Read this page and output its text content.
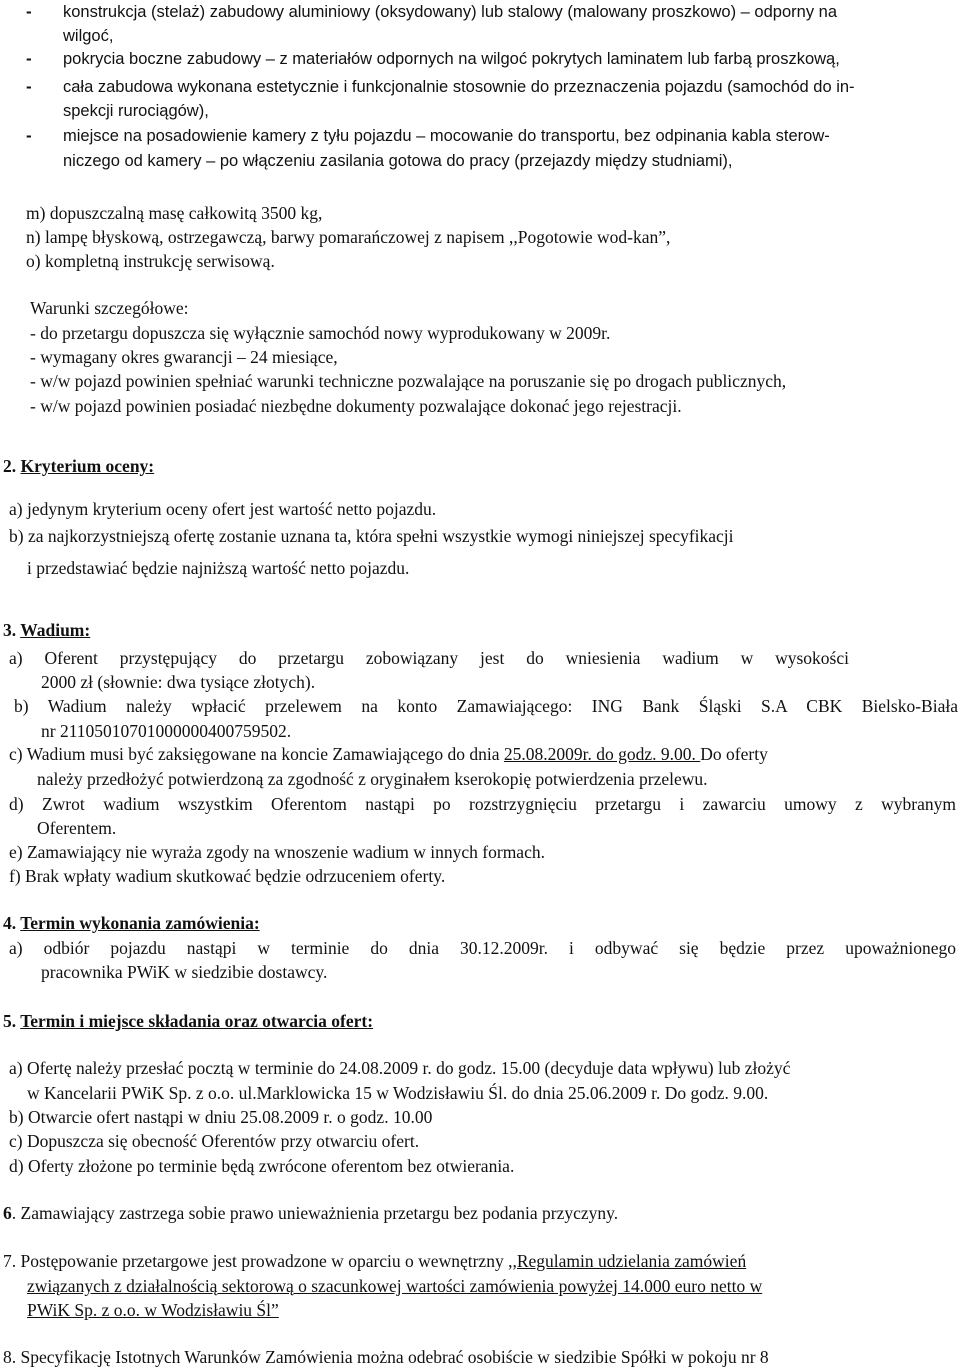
- konstrukcja (stelaż) zabudowy aluminiowy (oksydowany) lub stalowy (malowany proszkowo) – odporny na
wilgoć,
- pokrycia boczne zabudowy – z materiałów odpornych na wilgoć pokrytych laminatem lub farbą proszkową,
- cała zabudowa wykonana estetycznie i funkcjonalnie stosownie do przeznaczenia pojazdu (samochód do in-
spekcji rurociągów),
- miejsce na posadowienie kamery z tyłu pojazdu – mocowanie do transportu, bez odpinania kabla sterow-
niczego od kamery – po włączeniu zasilania gotowa do pracy (przejazdy między studniami),
m) dopuszczalną masę całkowitą 3500 kg,
n) lampę błyskową, ostrzegawczą, barwy pomarańczowej z napisem ,,Pogotowie wod-kan”,
o) kompletną instrukcję serwisową.
Warunki szczegółowe:
- do przetargu dopuszcza się wyłącznie samochód nowy wyprodukowany w 2009r.
- wymagany okres gwarancji – 24 miesiące,
- w/w pojazd powinien spełniać warunki techniczne pozwalające na poruszanie się po drogach publicznych,
- w/w pojazd powinien posiadać niezbędne dokumenty pozwalające dokonać jego rejestracji.
2. Kryterium oceny:
a) jedynym kryterium oceny ofert jest wartość netto pojazdu.
b) za najkorzystniejszą ofertę zostanie uznana ta, która spełni wszystkie wymogi niniejszej specyfikacji
i przedstawiać będzie najniższą wartość netto pojazdu.
3. Wadium:
a) Oferent przystępujący do przetargu zobowiązany jest do wniesienia wadium w wysokości
2000 zł (słownie: dwa tysiące złotych).
b) Wadium należy wpłacić przelewem na konto Zamawiającego: ING Bank Śląski S.A CBK Bielsko-Biała
nr 21105010701000000400759502.
c) Wadium musi być zaksięgowane na koncie Zamawiającego do dnia 25.08.2009r. do godz. 9.00. Do oferty
należy przedłożyć potwierdzoną za zgodność z oryginałem kserokopię potwierdzenia przelewu.
d) Zwrot wadium wszystkim Oferentom nastąpi po rozstrzygnięciu przetargu i zawarciu umowy z wybranym
Oferentem.
e) Zamawiający nie wyraża zgody na wnoszenie wadium w innych formach.
f) Brak wpłaty wadium skutkować będzie odrzuceniem oferty.
4. Termin wykonania zamówienia:
a) odbiór pojazdu nastąpi w terminie do dnia 30.12.2009r. i odbywać się będzie przez upoważnionego
pracownika PWiK w siedzibie dostawcy.
5. Termin i miejsce składania oraz otwarcia ofert:
a) Ofertę należy przesłać pocztą w terminie do 24.08.2009 r. do godz. 15.00 (decyduje data wpływu) lub złożyć
w Kancelarii PWiK Sp. z o.o. ul.Marklowicka 15 w Wodzisławiu Śl. do dnia 25.06.2009 r. Do godz. 9.00.
b) Otwarcie ofert nastąpi w dniu 25.08.2009 r. o godz. 10.00
c) Dopuszcza się obecność Oferentów przy otwarciu ofert.
d) Oferty złożone po terminie będą zwrócone oferentom bez otwierania.
6. Zamawiający zastrzega sobie prawo unieważnienia przetargu bez podania przyczyny.
7. Postępowanie przetargowe jest prowadzone w oparciu o wewnętrzny ,,Regulamin udzielania zamówień
związanych z działalnością sektorową o szacunkowej wartości zamówienia powyżej 14.000 euro netto w
PWiK Sp. z o.o. w Wodzisławiu Śl”
8. Specyfikację Istotnych Warunków Zamówienia można odebrać osobiście w siedzibie Spółki w pokoju nr 8
